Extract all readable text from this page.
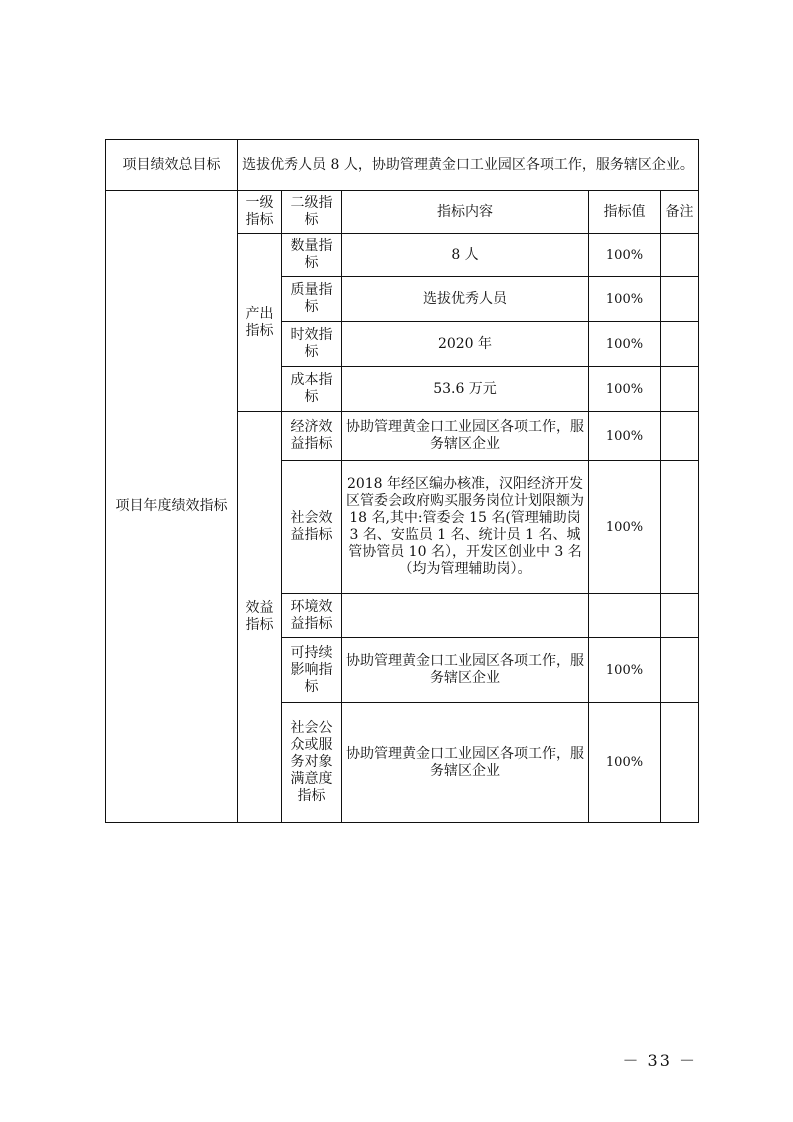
项目绩效总目标	选拔优秀人员 8 人，协助管理黄金口工业园区各项工作，服务辖区企业。				
项目年度绩效指标	一级指标	二级指标	指标内容	指标值	备注
	产出指标	数量指标	8 人	100%	
		质量指标	选拔优秀人员	100%	
		时效指标	2020 年	100%	
		成本指标	53.6 万元	100%	
	效益指标	经济效益指标	协助管理黄金口工业园区各项工作，服务辖区企业	100%	
		社会效益指标	2018 年经区编办核准，汉阳经济开发区管委会政府购买服务岗位计划限额为 18 名,其中:管委会 15 名(管理辅助岗 3 名、安监员 1 名、统计员 1 名、城管协管员 10 名），开发区创业中 3 名（均为管理辅助岗）。	100%	
		环境效益指标			
		可持续影响指标	协助管理黄金口工业园区各项工作，服务辖区企业	100%	
		社会公众或服务对象满意度指标	协助管理黄金口工业园区各项工作，服务辖区企业	100%	
－ 33 －
